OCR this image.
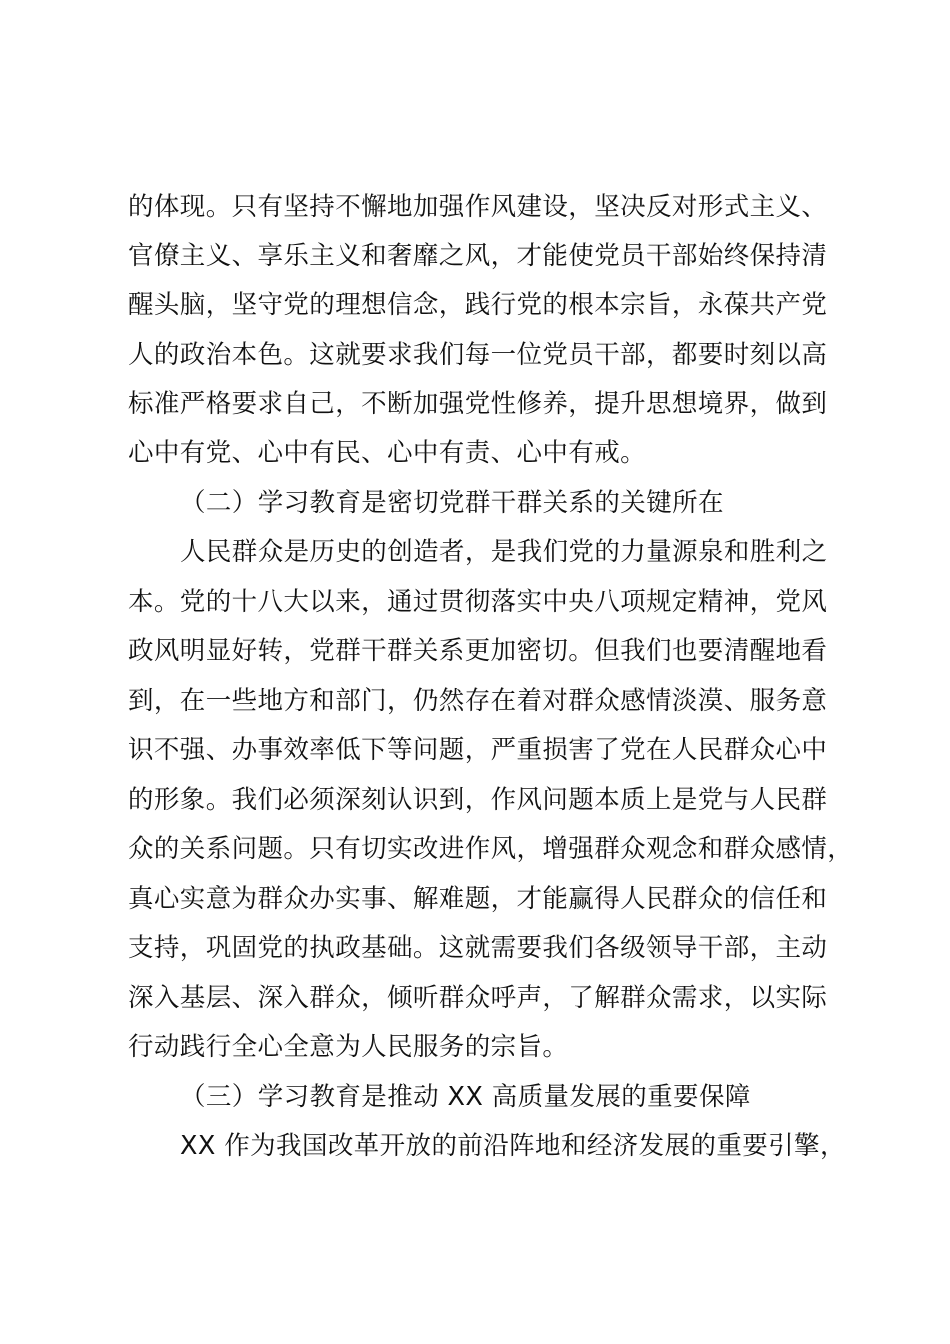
的体现。只有坚持不懈地加强作风建设，坚决反对形式主义、
官僚主义、享乐主义和奢靡之风，才能使党员干部始终保持清
醒头脑，坚守党的理想信念，践行党的根本宗旨，永葆共产党
人的政治本色。这就要求我们每一位党员干部，都要时刻以高
标准严格要求自己，不断加强党性修养，提升思想境界，做到
心中有党、心中有民、心中有责、心中有戒。
（二）学习教育是密切党群干群关系的关键所在
人民群众是历史的创造者，是我们党的力量源泉和胜利之
本。党的十八大以来，通过贯彻落实中央八项规定精神，党风
政风明显好转，党群干群关系更加密切。但我们也要清醒地看
到，在一些地方和部门，仍然存在着对群众感情淡漠、服务意
识不强、办事效率低下等问题，严重损害了党在人民群众心中
的形象。我们必须深刻认识到，作风问题本质上是党与人民群
众的关系问题。只有切实改进作风，增强群众观念和群众感情，
真心实意为群众办实事、解难题，才能赢得人民群众的信任和
支持，巩固党的执政基础。这就需要我们各级领导干部，主动
深入基层、深入群众，倾听群众呼声，了解群众需求，以实际
行动践行全心全意为人民服务的宗旨。
（三）学习教育是推动 XX 高质量发展的重要保障
XX 作为我国改革开放的前沿阵地和经济发展的重要引擎，
